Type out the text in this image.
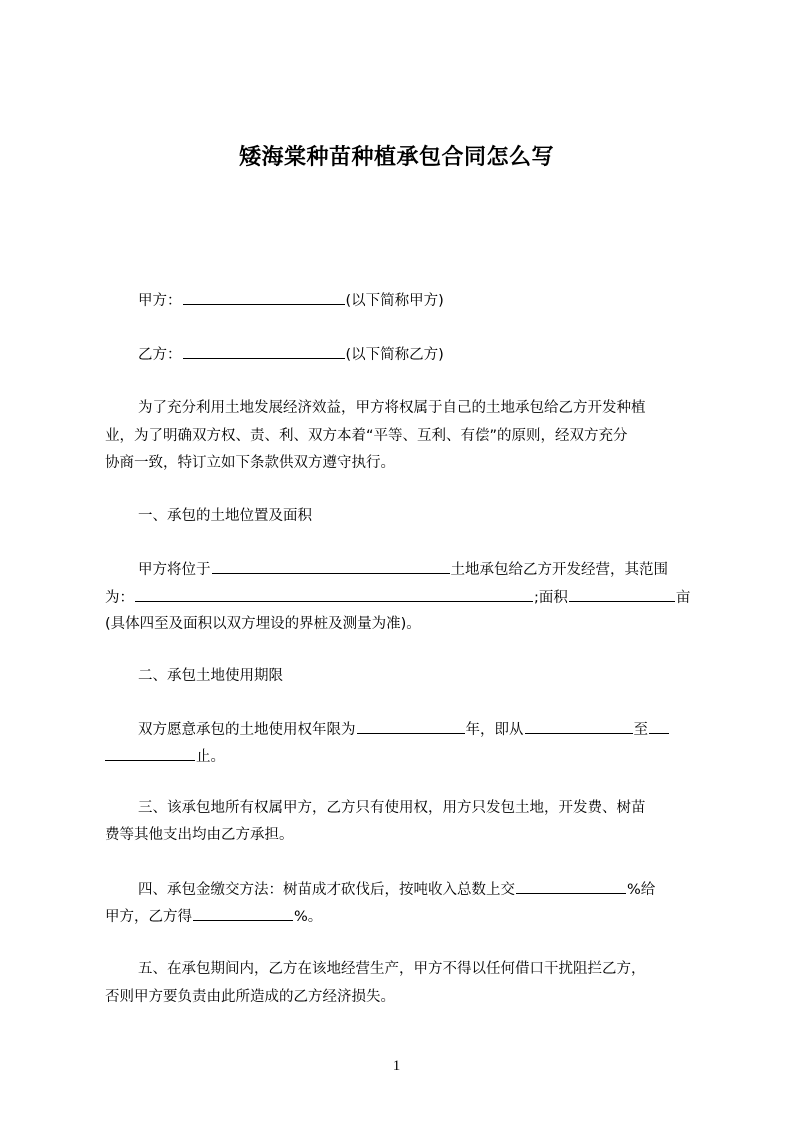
矮海棠种苗种植承包合同怎么写
甲方：	(以下简称甲方)
乙方：	(以下简称乙方)
为了充分利用土地发展经济效益，甲方将权属于自己的土地承包给乙方开发种植
业，为了明确双方权、责、利、双方本着“平等、互利、有偿”的原则，经双方充分
协商一致，特订立如下条款供双方遵守执行。
一、承包的土地位置及面积
甲方将位于	土地承包给乙方开发经营，其范围
为：	;面积	亩
(具体四至及面积以双方埋设的界桩及测量为准)。
二、承包土地使用期限
双方愿意承包的土地使用权年限为	年，即从	至
止。
三、该承包地所有权属甲方，乙方只有使用权，用方只发包土地，开发费、树苗
费等其他支出均由乙方承担。
四、承包金缴交方法：树苗成才砍伐后，按吨收入总数上交	%给
甲方，乙方得	%。
五、在承包期间内，乙方在该地经营生产，甲方不得以任何借口干扰阻拦乙方，
否则甲方要负责由此所造成的乙方经济损失。
1
